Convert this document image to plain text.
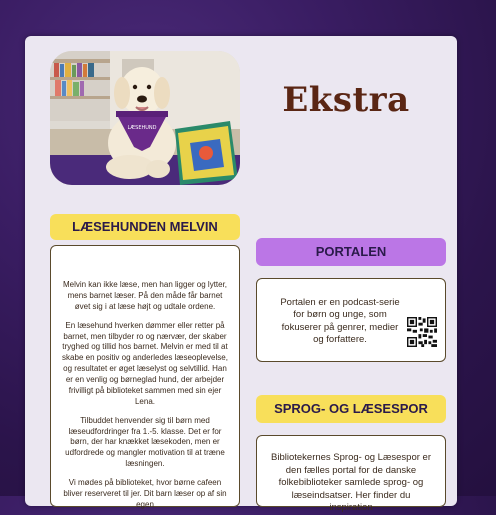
LÆSEHUND
Ekstra
LÆSEHUNDEN MELVIN

Melvin kan ikke læse, men han ligger og lytter, mens barnet læser. På den måde får barnet øvet sig i at læse højt og udtale ordene.

En læsehund hverken dømmer eller retter på barnet, men tilbyder ro og nærvær, der skaber tryghed og tillid hos barnet. Melvin er med til at skabe en positiv og anderledes læseoplevelse, og resultatet er øget læselyst og selvtillid. Han er en venlig og børneglad hund, der arbejder frivilligt på biblioteket sammen med sin ejer Lena.

Tilbuddet henvender sig til børn med læseudfordringer fra 1.-5. klasse. Det er for børn, der har knækket læsekoden, men er udfordrede og mangler motivation til at træne læsningen.

Vi mødes på biblioteket, hvor børne cafeen bliver reserveret til jer. Dit barn læser op af sin egen

PORTALEN
Portalen er en podcast-serie for børn og unge, som fokuserer på genrer, medier og forfattere.
SPROG- OG LÆSESPOR
Bibliotekernes Sprog- og Læsespor er den fælles portal for de danske folkebiblioteker samlede sprog- og læseindsatser. Her finder du inspiration
